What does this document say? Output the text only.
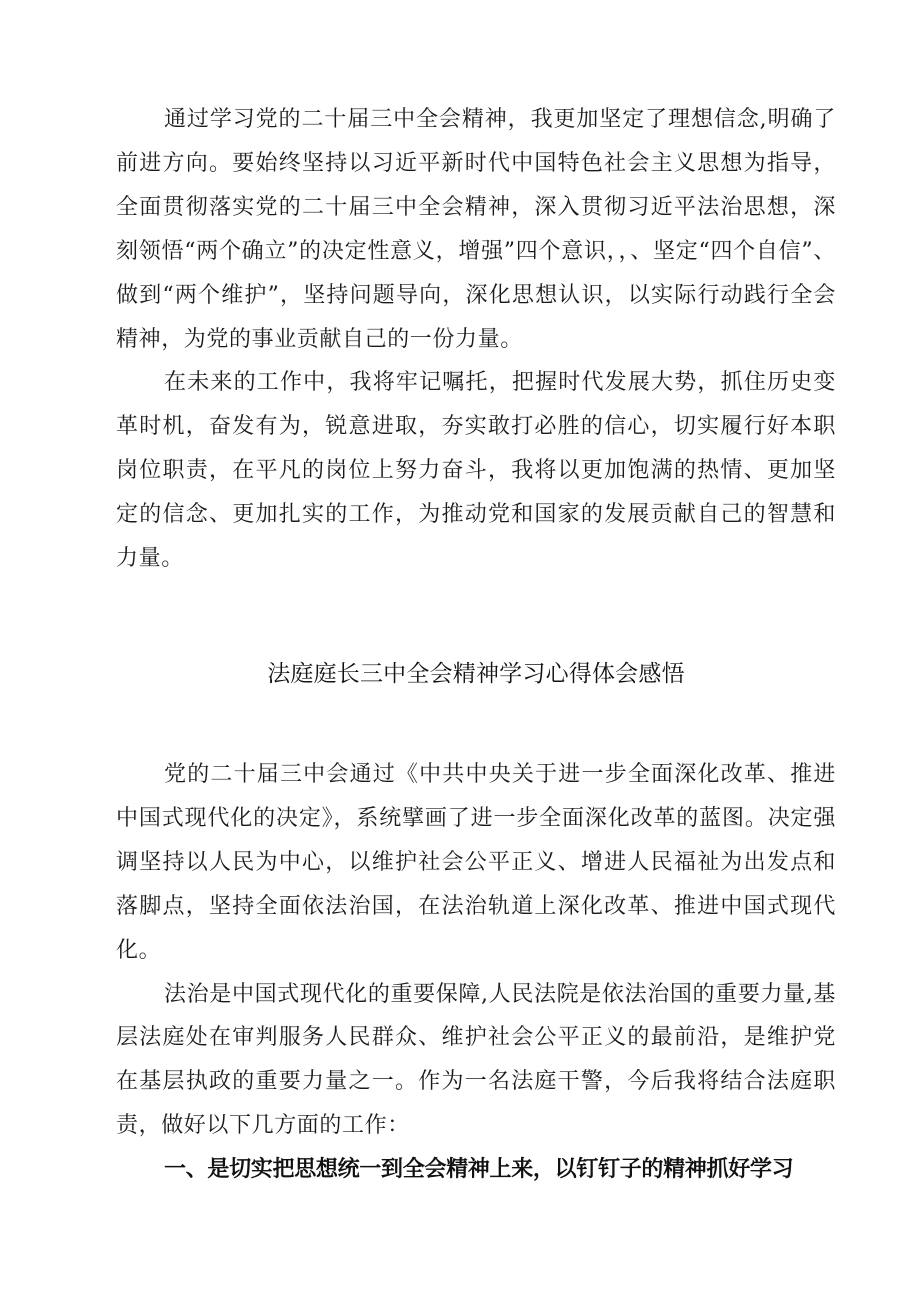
通过学习党的二十届三中全会精神，我更加坚定了理想信念,明确了前进方向。要始终坚持以习近平新时代中国特色社会主义思想为指导，全面贯彻落实党的二十届三中全会精神，深入贯彻习近平法治思想，深刻领悟“两个确立”的决定性意义，增强”四个意识，，、坚定“四个自信”、做到“两个维护”，坚持问题导向，深化思想认识，以实际行动践行全会精神，为党的事业贡献自己的一份力量。

在未来的工作中，我将牢记嘱托，把握时代发展大势，抓住历史变革时机，奋发有为，锐意进取，夯实敢打必胜的信心，切实履行好本职岗位职责，在平凡的岗位上努力奋斗，我将以更加饱满的热情、更加坚定的信念、更加扎实的工作，为推动党和国家的发展贡献自己的智慧和力量。

法庭庭长三中全会精神学习心得体会感悟

党的二十届三中会通过《中共中央关于进一步全面深化改革、推进中国式现代化的决定》，系统擘画了进一步全面深化改革的蓝图。决定强调坚持以人民为中心，以维护社会公平正义、增进人民福祉为出发点和落脚点，坚持全面依法治国，在法治轨道上深化改革、推进中国式现代化。

法治是中国式现代化的重要保障,人民法院是依法治国的重要力量,基层法庭处在审判服务人民群众、维护社会公平正义的最前沿，是维护党在基层执政的重要力量之一。作为一名法庭干警，今后我将结合法庭职责，做好以下几方面的工作：

一、是切实把思想统一到全会精神上来，以钉钉子的精神抓好学习
